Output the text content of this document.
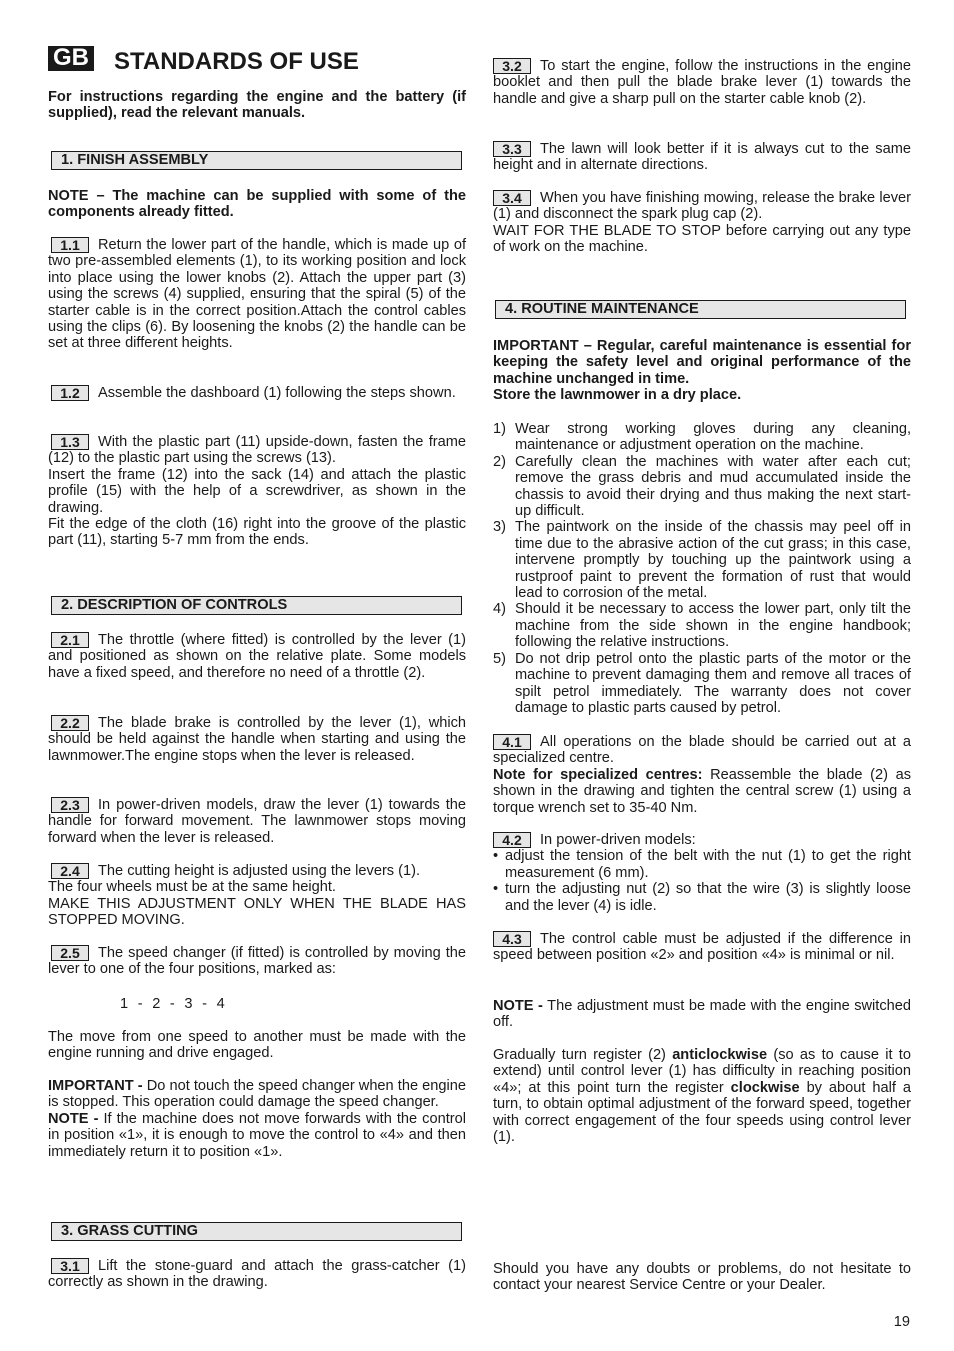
GB	STANDARDS OF USE

For instructions regarding the engine and the battery (if supplied), read the relevant manuals.

1. FINISH ASSEMBLY

NOTE – The machine can be supplied with some of the components already fitted.

1.1 Return the lower part of the handle, which is made up of two pre-assembled elements (1), to its working position and lock into place using the lower knobs (2). Attach the upper part (3) using the screws (4) supplied, ensuring that the spiral (5) of the starter cable is in the correct position.Attach the control cables using the clips (6). By loosening the knobs (2) the handle can be set at three different heights.

1.2 Assemble the dashboard (1) following the steps shown.

1.3 With the plastic part (11) upside-down, fasten the frame (12) to the plastic part using the screws (13).

Insert the frame (12) into the sack (14) and attach the plastic profile (15) with the help of a screwdriver, as shown in the drawing.

Fit the edge of the cloth (16) right into the groove of the plastic part (11), starting 5-7 mm from the ends.

2. DESCRIPTION OF CONTROLS

2.1 The throttle (where fitted) is controlled by the lever (1) and positioned as shown on the relative plate. Some models have a fixed speed, and therefore no need of a throttle (2).

2.2 The blade brake is controlled by the lever (1), which should be held against the handle when starting and using the lawnmower.The engine stops when the lever is released.

2.3 In power-driven models, draw the lever (1) towards the handle for forward movement. The lawnmower stops moving forward when the lever is released.

2.4 The cutting height is adjusted using the levers (1).

The four wheels must be at the same height.

MAKE THIS ADJUSTMENT ONLY WHEN THE BLADE HAS STOPPED MOVING.

2.5 The speed changer (if fitted) is controlled by moving the lever to one of the four positions, marked as:

1  -  2  -  3  -  4

The move from one speed to another must be made with the engine running and drive engaged.

IMPORTANT - Do not touch the speed changer when the engine is stopped. This operation could damage the speed changer.

NOTE - If the machine does not move forwards with the control in position «1», it is enough to move the control to «4» and then immediately return it to position «1».

3. GRASS CUTTING

3.1 Lift the stone-guard and attach the grass-catcher (1) correctly as shown in the drawing.

3.2 To start the engine, follow the instructions in the engine booklet and then pull the blade brake lever (1) towards the handle and give a sharp pull on the starter cable knob (2).

3.3 The lawn will look better if it is always cut to the same height and in alternate directions.

3.4 When you have finishing mowing, release the brake lever (1) and disconnect the spark plug cap (2).

WAIT FOR THE BLADE TO STOP before carrying out any type of work on the machine.

4. ROUTINE MAINTENANCE

IMPORTANT – Regular, careful maintenance is essential for keeping the safety level and original performance of the machine unchanged in time.

Store the lawnmower in a dry place.

1) Wear strong working gloves during any cleaning, maintenance or adjustment operation on the machine.
2) Carefully clean the machines with water after each cut; remove the grass debris and mud accumulated inside the chassis to avoid their drying and thus making the next start-up difficult.
3) The paintwork on the inside of the chassis may peel off in time due to the abrasive action of the cut grass; in this case, intervene promptly by touching up the paintwork using a rustproof paint to prevent the formation of rust that would lead to corrosion of the metal.
4) Should it be necessary to access the lower part, only tilt the machine from the side shown in the engine handbook; following the relative instructions.
5) Do not drip petrol onto the plastic parts of the motor or the machine to prevent damaging them and remove all traces of spilt petrol immediately. The warranty does not cover damage to plastic parts caused by petrol.

4.1 All operations on the blade should be carried out at a specialized centre.

Note for specialized centres: Reassemble the blade (2) as shown in the drawing and tighten the central screw (1) using a torque wrench set to 35-40 Nm.

4.2 In power-driven models:

• adjust the tension of the belt with the nut (1) to get the right measurement (6 mm).
• turn the adjusting nut (2) so that the wire (3) is slightly loose and the lever (4) is idle.

4.3 The control cable must be adjusted if the difference in speed between position «2» and position «4» is minimal or nil.

NOTE - The adjustment must be made with the engine switched off.

Gradually turn register (2) anticlockwise (so as to cause it to extend) until control lever (1) has difficulty in reaching position «4»; at this point turn the register clockwise by about half a turn, to obtain optimal adjustment of the forward speed, together with correct engagement of the four speeds using control lever (1).

Should you have any doubts or problems, do not hesitate to contact your nearest Service Centre or your Dealer.

19
